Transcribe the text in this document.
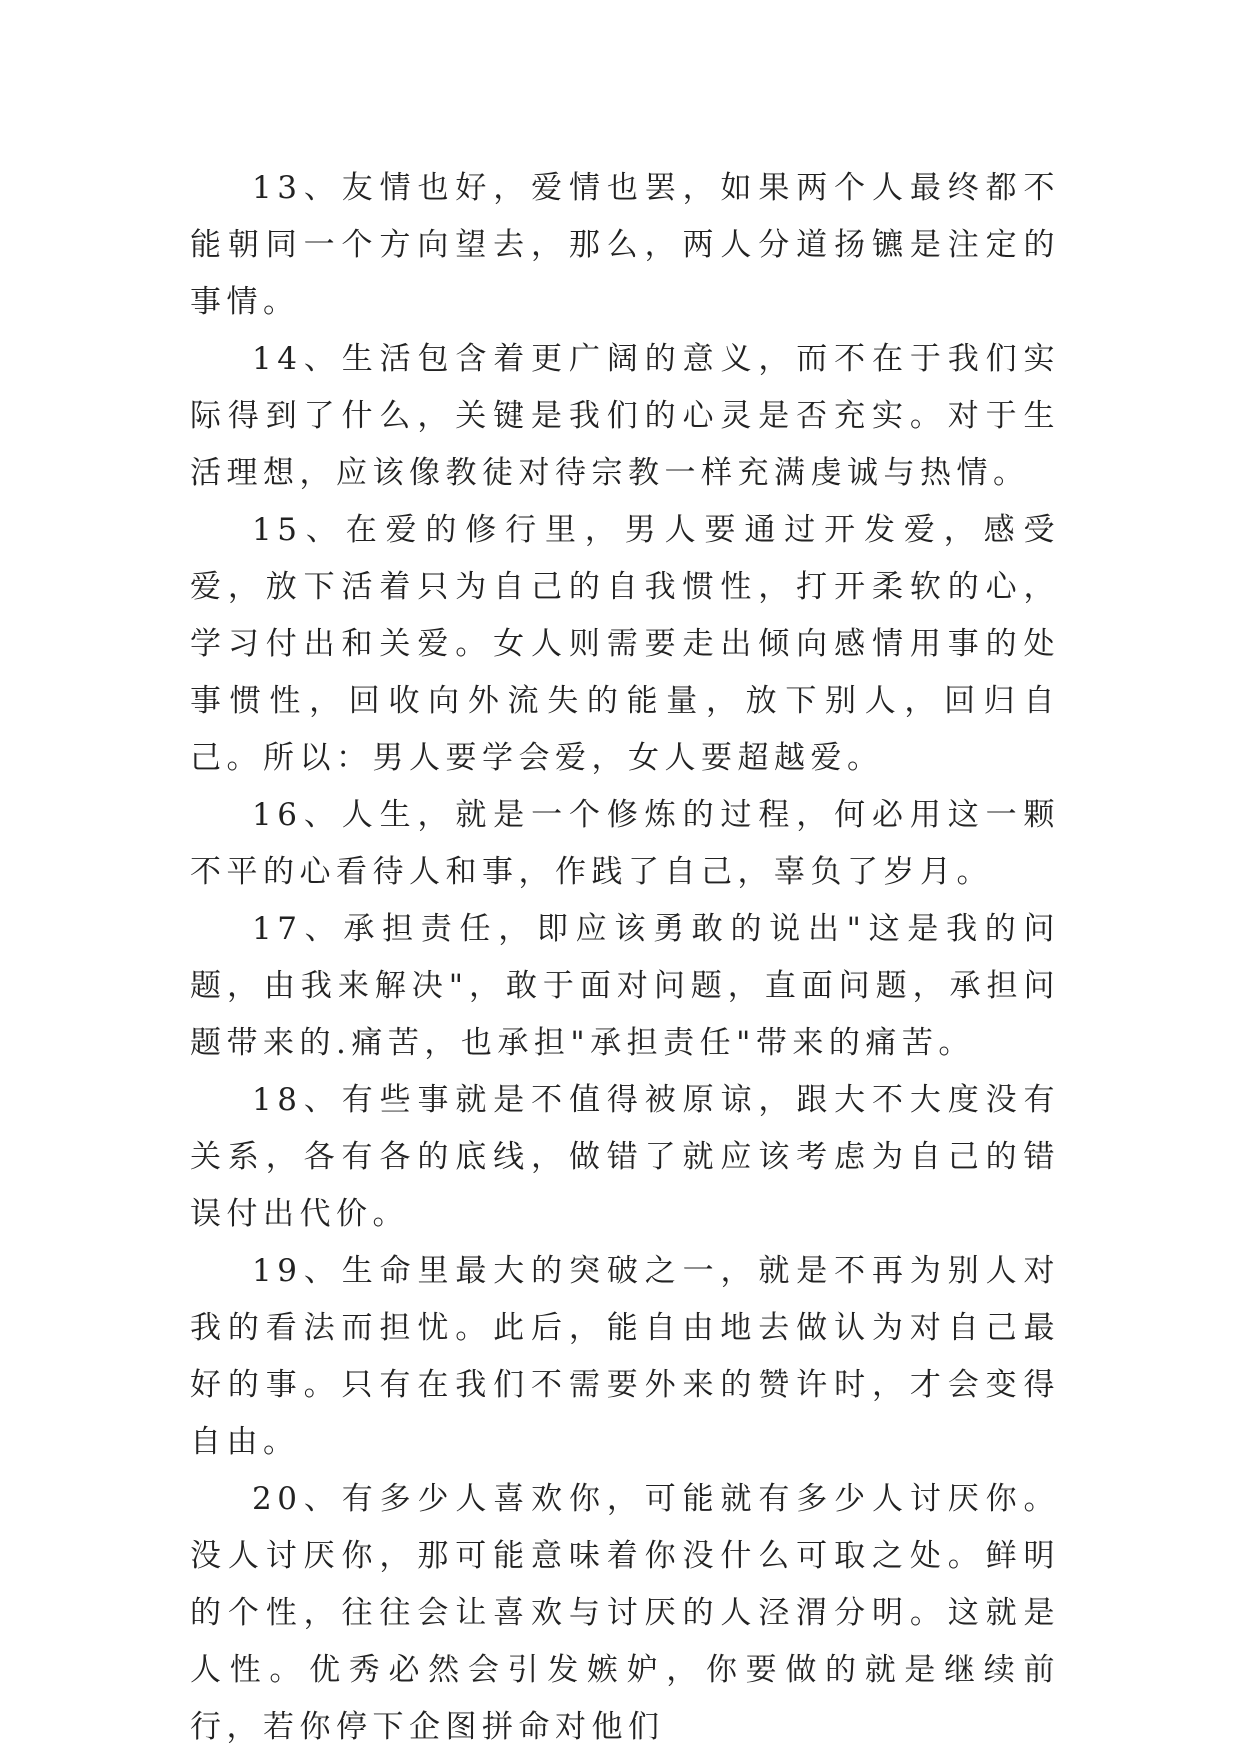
13、友情也好，爱情也罢，如果两个人最终都不能朝同一个方向望去，那么，两人分道扬镳是注定的事情。

14、生活包含着更广阔的意义，而不在于我们实际得到了什么，关键是我们的心灵是否充实。对于生活理想，应该像教徒对待宗教一样充满虔诚与热情。

15、在爱的修行里，男人要通过开发爱，感受爱，放下活着只为自己的自我惯性，打开柔软的心，学习付出和关爱。女人则需要走出倾向感情用事的处事惯性，回收向外流失的能量，放下别人，回归自己。所以：男人要学会爱，女人要超越爱。

16、人生，就是一个修炼的过程，何必用这一颗不平的心看待人和事，作践了自己，辜负了岁月。

17、承担责任，即应该勇敢的说出"这是我的问题，由我来解决"，敢于面对问题，直面问题，承担问题带来的.痛苦，也承担"承担责任"带来的痛苦。

18、有些事就是不值得被原谅，跟大不大度没有关系，各有各的底线，做错了就应该考虑为自己的错误付出代价。

19、生命里最大的突破之一，就是不再为别人对我的看法而担忧。此后，能自由地去做认为对自己最好的事。只有在我们不需要外来的赞许时，才会变得自由。

20、有多少人喜欢你，可能就有多少人讨厌你。没人讨厌你，那可能意味着你没什么可取之处。鲜明的个性，往往会让喜欢与讨厌的人泾渭分明。这就是人性。优秀必然会引发嫉妒，你要做的就是继续前行，若你停下企图拼命对他们
